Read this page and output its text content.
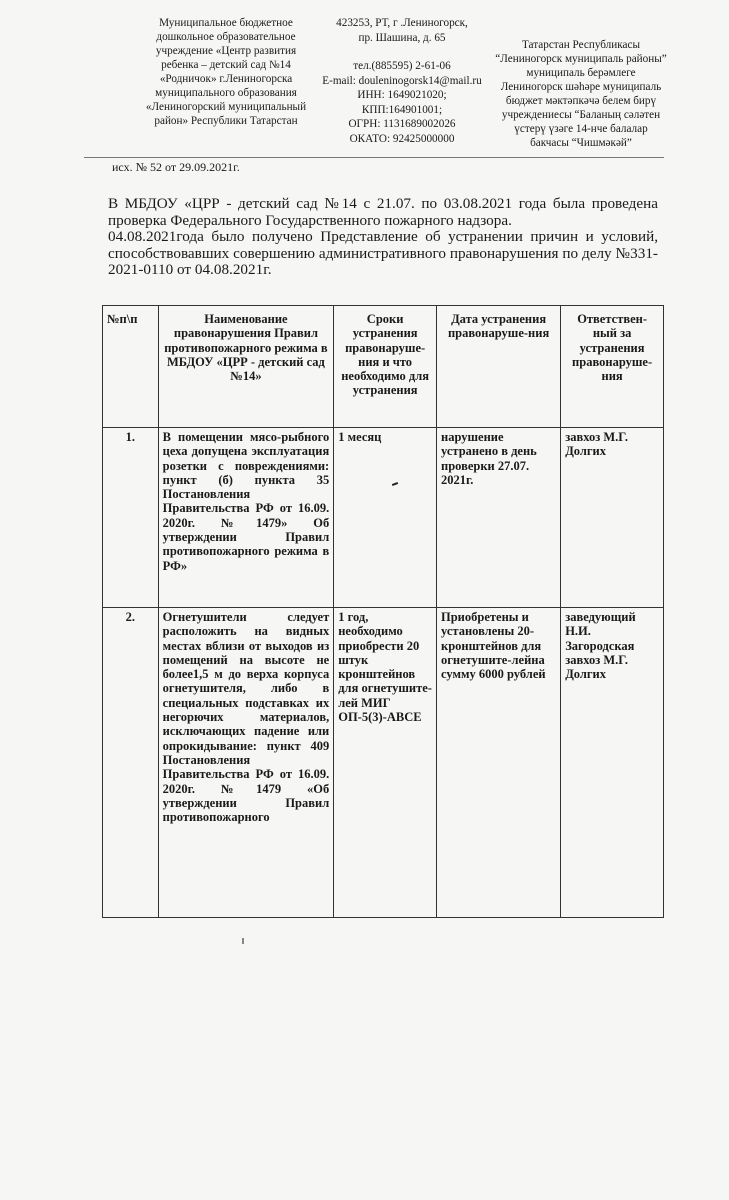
Муниципальное бюджетное
дошкольное образовательное
учреждение «Центр развития
ребенка – детский сад №14
«Родничок» г.Лениногорска
муниципального образования
«Лениногорский муниципальный
район» Республики Татарстан
423253, РТ, г .Лениногорск,
пр. Шашина, д. 65
тел.(885595) 2-61-06
E-mail: douleninogorsk14@mail.ru
ИНН: 1649021020;
КПП:164901001;
ОГРН: 1131689002026
ОКАТО: 92425000000
Татарстан Республикасы
“Лениногорск муниципаль районы”
муниципаль берәмлеге
Лениногорск шәһәре муниципаль
бюджет мәктәпкәчә белем бирү
учреждениесы “Баланың сәләтен
үстерү үзәге 14-нче балалар
бакчасы “Чишмәкәй”
исх. № 52 от 29.09.2021г.

В МБДОУ «ЦРР - детский сад №14 с 21.07. по 03.08.2021 года была проведена проверка Федерального Государственного пожарного надзора.

04.08.2021года было получено Представление об устранении причин и условий, способствовавших совершению административного правонарушения по делу №331-2021-0110 от 04.08.2021г.

№п\п	Наименование правонарушения Правил противопожарного режима в МБДОУ «ЦРР - детский сад №14»	Сроки устранения правонаруше-ния и что необходимо для устранения	Дата устранения правонаруше-ния	Ответствен-ный за устранения правонаруше-ния
1.	В помещении мясо-рыбного цеха допущена эксплуатация розетки с повреждениями: пункт (б) пункта 35 Постановления Правительства РФ от 16.09. 2020г. №1479» Об утверждении Правил противопожарного режима в РФ»	1 месяц	нарушение устранено в день проверки 27.07. 2021г.	завхоз М.Г. Долгих
2.	Огнетушители следует расположить на видных местах вблизи от выходов из помещений на высоте не более1,5 м до верха корпуса огнетушителя, либо в специальных подставках их негорючих материалов, исключающих падение или опрокидывание: пункт 409 Постановления Правительства РФ от 16.09. 2020г. №1479 «Об утверждении Правил противопожарного	1 год, необходимо приобрести 20 штук кронштейнов для огнетушите-лей МИГ ОП-5(3)-АВСЕ	Приобретены и установлены 20-кронштейнов для огнетушите-лейна сумму 6000 рублей	заведующий Н.И. Загородская завхоз М.Г. Долгих
